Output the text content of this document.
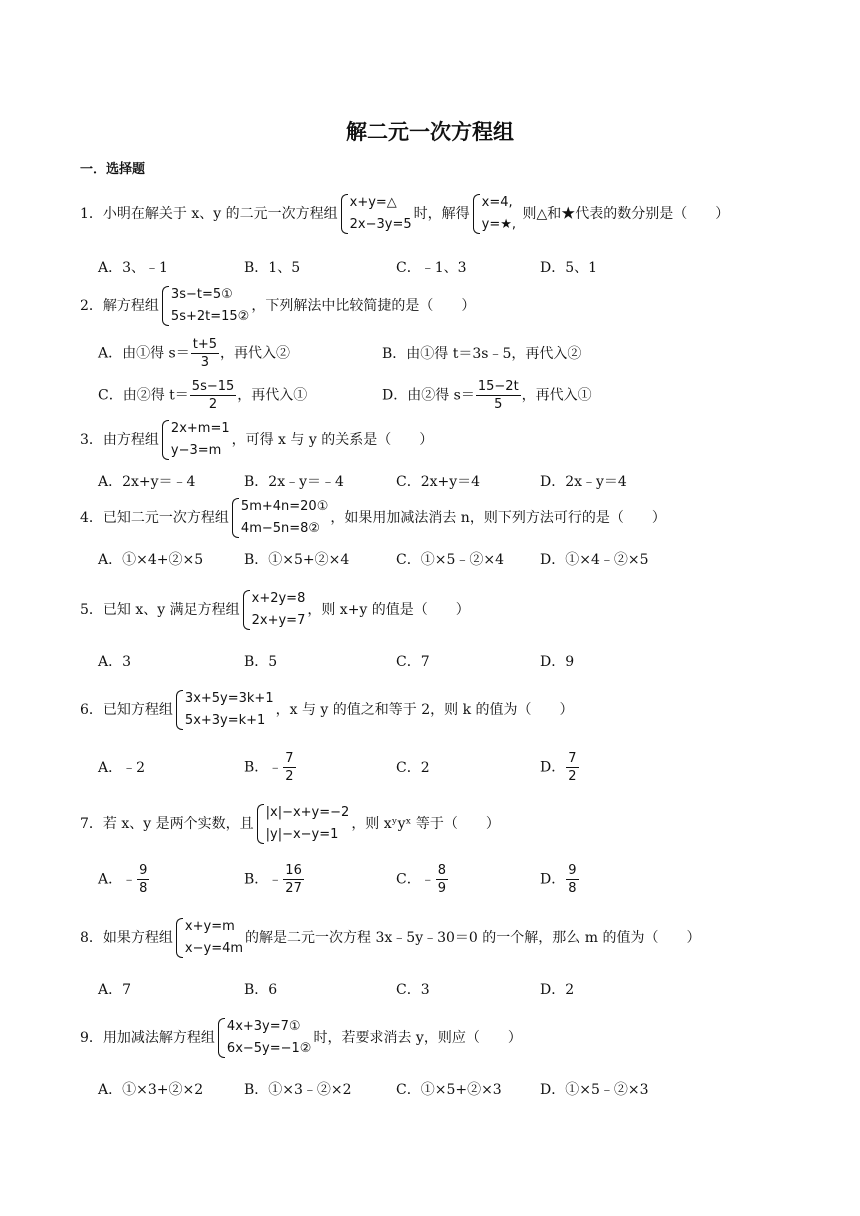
解二元一次方程组
一．选择题
1．小明在解关于 x、y 的二元一次方程组
x+y=△
2x−3y=5
时，解得
x=4,
y=★,
则△和★代表的数分别是（　　）
A．3、﹣1	B．1、5	C．﹣1、3	D．5、1
2．解方程组
3s−t=5①
5s+2t=15②
，下列解法中比较简捷的是（　　）
A．由①得 $s= \frac{t+5}{3}$ ，再代入②	B．由①得 t＝3s﹣5，再代入②
C．由②得 $t= \frac{5s-15}{2}$ ，再代入①	D．由②得 $s= \frac{15-2t}{5}$ ，再代入①
3．由方程组
2x+m=1
y−3=m
，可得 x 与 y 的关系是（　　）
A．2x+y＝﹣4	B．2x﹣y＝﹣4	C．2x+y＝4	D．2x﹣y＝4
4．已知二元一次方程组
5m+4n=20①
4m−5n=8②
，如果用加减法消去 n，则下列方法可行的是（　　）
A．①×4+②×5	B．①×5+②×4	C．①×5﹣②×4	D．①×4﹣②×5
5．已知 x、y 满足方程组
x+2y=8
2x+y=7
，则 x+y 的值是（　　）
A．3	B．5	C．7	D．9
6．已知方程组
3x+5y=3k+1
5x+3y=k+1
，x 与 y 的值之和等于 2，则 k 的值为（　　）
A．﹣2	B．﹣ $\frac{7}{2}$	C．2	D． $\frac{7}{2}$
7．若 x、y 是两个实数，且
|x|−x+y=−2
|y|−x−y=1
，则 xʸyˣ 等于（　　）
A．﹣ $\frac{9}{8}$	B．﹣ $\frac{16}{27}$	C．﹣ $\frac{8}{9}$	D． $\frac{9}{8}$
8．如果方程组
x+y=m
x−y=4m
的解是二元一次方程 3x﹣5y﹣30＝0 的一个解，那么 m 的值为（　　）
A．7	B．6	C．3	D．2
9．用加减法解方程组
4x+3y=7①
6x−5y=−1②
时，若要求消去 y，则应（　　）
A．①×3+②×2	B．①×3﹣②×2	C．①×5+②×3	D．①×5﹣②×3
